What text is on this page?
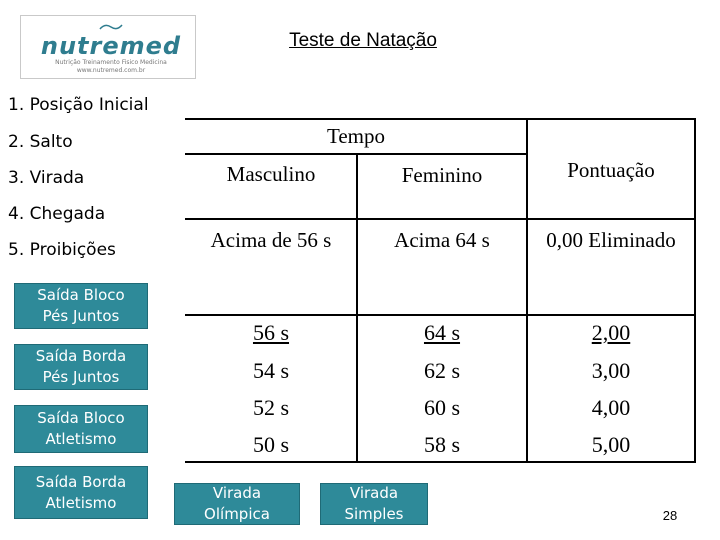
nutremed
Nutrição Treinamento Fisico Medicina
www.nutremed.com.br
Teste de Natação
1. Posição Inicial
2. Salto
3. Virada
4. Chegada
5. Proibições
Saída Bloco
Pés Juntos
Saída Borda
Pés Juntos
Saída Bloco
Atletismo
Saída Borda
Atletismo
Virada
Olímpica
Virada
Simples
Tempo
Masculino	Feminino	Pontuação
Acima de 56 s	Acima 64 s	0,00 Eliminado
56 s	64 s	2,00
54 s	62 s	3,00
52 s	60 s	4,00
50 s	58 s	5,00
28
